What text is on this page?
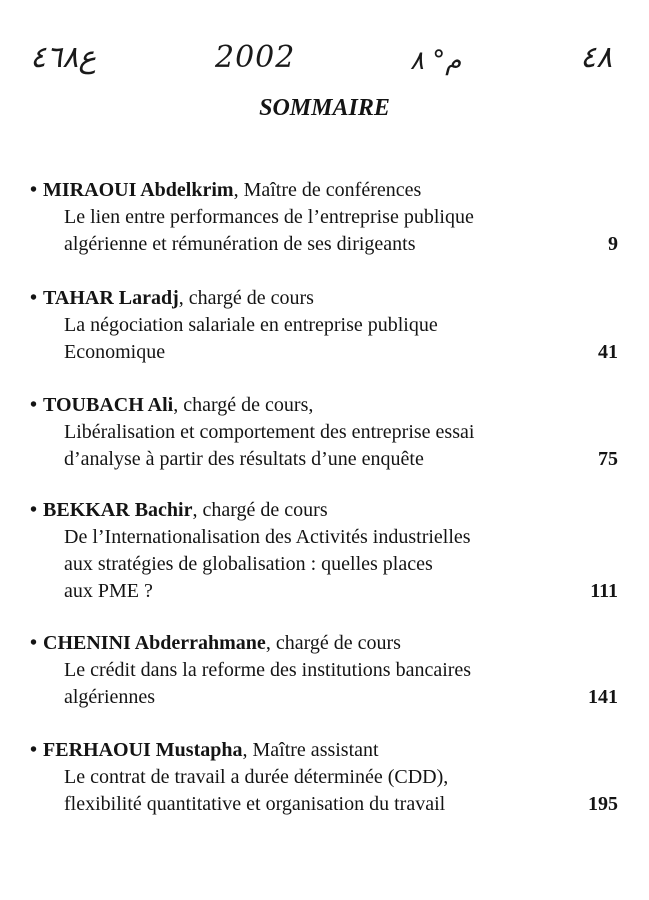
ع٤٦٨	2002	م° ٨	٤٨
SOMMAIRE
• MIRAOUI Abdelkrim, Maître de conférences
Le lien entre performances de l’entreprise publique
algérienne et rémunération de ses dirigeants	9
• TAHAR Laradj, chargé de cours
La négociation salariale en entreprise publique
Economique	41
• TOUBACH Ali, chargé de cours,
Libéralisation et comportement des entreprise essai
d’analyse à partir des résultats d’une enquête	75
• BEKKAR Bachir, chargé de cours
De l’Internationalisation des Activités industrielles
aux stratégies de globalisation : quelles places
aux PME ?	111
• CHENINI Abderrahmane, chargé de cours
Le crédit dans la reforme des institutions bancaires
algériennes	141
• FERHAOUI Mustapha, Maître assistant
Le contrat de travail a durée déterminée (CDD),
flexibilité quantitative et organisation du travail	195
